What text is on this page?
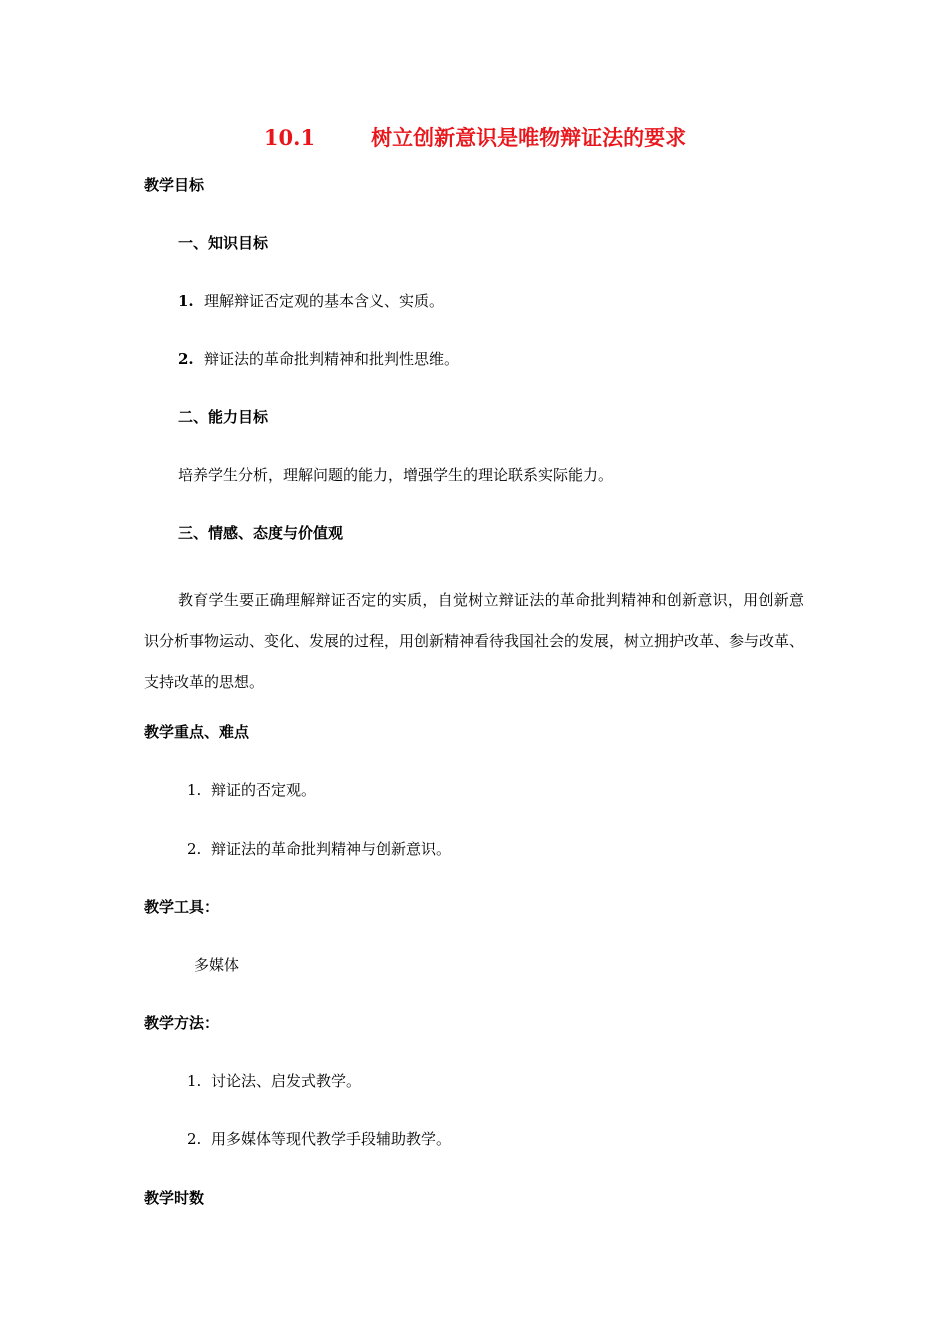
10.1	树立创新意识是唯物辩证法的要求
教学目标
一、知识目标
1. 理解辩证否定观的基本含义、实质。
2. 辩证法的革命批判精神和批判性思维。
二、能力目标
培养学生分析，理解问题的能力，增强学生的理论联系实际能力。
三、情感、态度与价值观
教育学生要正确理解辩证否定的实质，自觉树立辩证法的革命批判精神和创新意识，用创新意识分析事物运动、变化、发展的过程，用创新精神看待我国社会的发展，树立拥护改革、参与改革、支持改革的思想。
教学重点、难点
1. 辩证的否定观。
2. 辩证法的革命批判精神与创新意识。
教学工具：
多媒体
教学方法：
1. 讨论法、启发式教学。
2. 用多媒体等现代教学手段辅助教学。
教学时数
